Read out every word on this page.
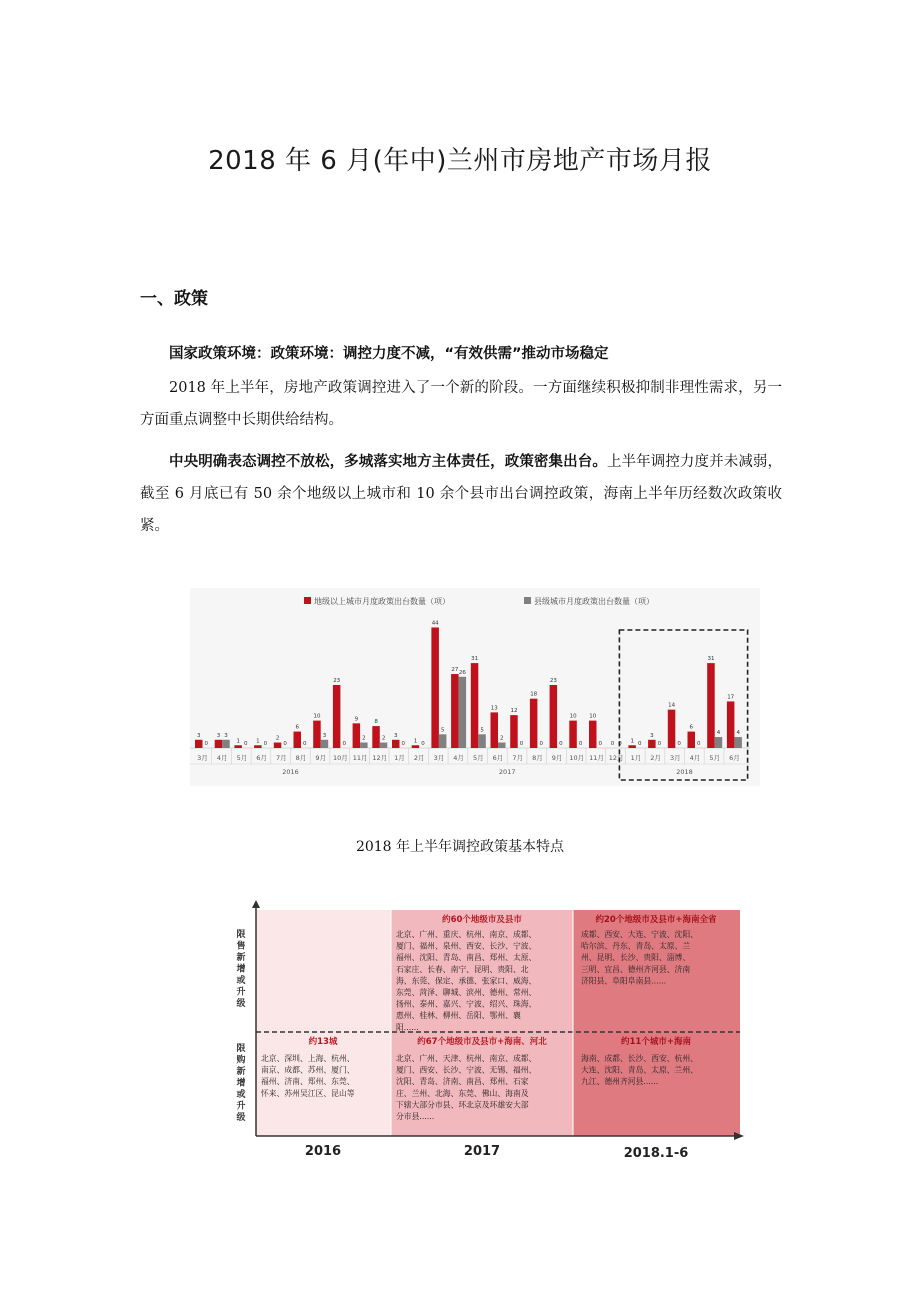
2018 年 6 月(年中)兰州市房地产市场月报
一、政策
国家政策环境：政策环境：调控力度不减，“有效供需”推动市场稳定
2018 年上半年，房地产政策调控进入了一个新的阶段。一方面继续积极抑制非理性需求，另一方面重点调整中长期供给结构。
中央明确表态调控不放松，多城落实地方主体责任，政策密集出台。上半年调控力度并未减弱，截至 6 月底已有 50 余个地级以上城市和 10 余个县市出台调控政策，海南上半年历经数次政策收紧。
地级以上城市月度政策出台数量（项）	县级城市月度政策出台数量（项）
3
0
3月
3 3
4月
1 0
5月
1 0
6月
2
0
7月
6
0
8月
10
3
9月
23
0
10月
9
2
11月
8
2
12月
3
0
1月
1 0
2月
44
5
3月
27 26
4月
31
5
5月
13
2
6月
12
0
7月
18
0
8月
23
0
9月
10
0
10月
10
0
11月
0 0
12月
1 0
1月
3
0
2月
14
0
3月
6
0
4月
31
4
5月
17
4
6月
2016	2017	2018
2018 年上半年调控政策基本特点
限
售
新
增
或
升
级
限
购
新
增
或
升
级
2016	2017	2018.1-6
约60个地级市及县市
北京、广州、重庆、杭州、南京、成都、
厦门、福州、泉州、西安、长沙、宁波、
福州、沈阳、青岛、南昌、郑州、太原、
石家庄、长春、南宁、昆明、贵阳、北
海、东莞、保定、承德、张家口、威海、
东莞、菏泽、聊城、滨州、德州、常州、
扬州、泰州、嘉兴、宁波、绍兴、珠海、
惠州、桂林、柳州、岳阳、鄂州、襄
阳......
约20个地级市及县市+海南全省
成都、西安、大连、宁波、沈阳、
哈尔滨、丹东、青岛、太原、兰
州、昆明、长沙、贵阳、淄博、
三明、宜昌、德州齐河县、济南
济阳县、阜阳阜南县......
约13城
北京、深圳、上海、杭州、
南京、成都、苏州、厦门、
福州、济南、郑州、东莞、
怀来、苏州吴江区、昆山等
约67个地级市及县市+海南、河北
北京、广州、天津、杭州、南京、成都、
厦门、西安、长沙、宁波、无锡、福州、
沈阳、青岛、济南、南昌、郑州、石家
庄、兰州、北海、东莞、佛山、海南及
下辖大部分市县、环北京及环雄安大部
分市县......
约11个城市+海南
海南、成都、长沙、西安、杭州、
大连、沈阳、青岛、太原、兰州、
九江、德州齐河县......
